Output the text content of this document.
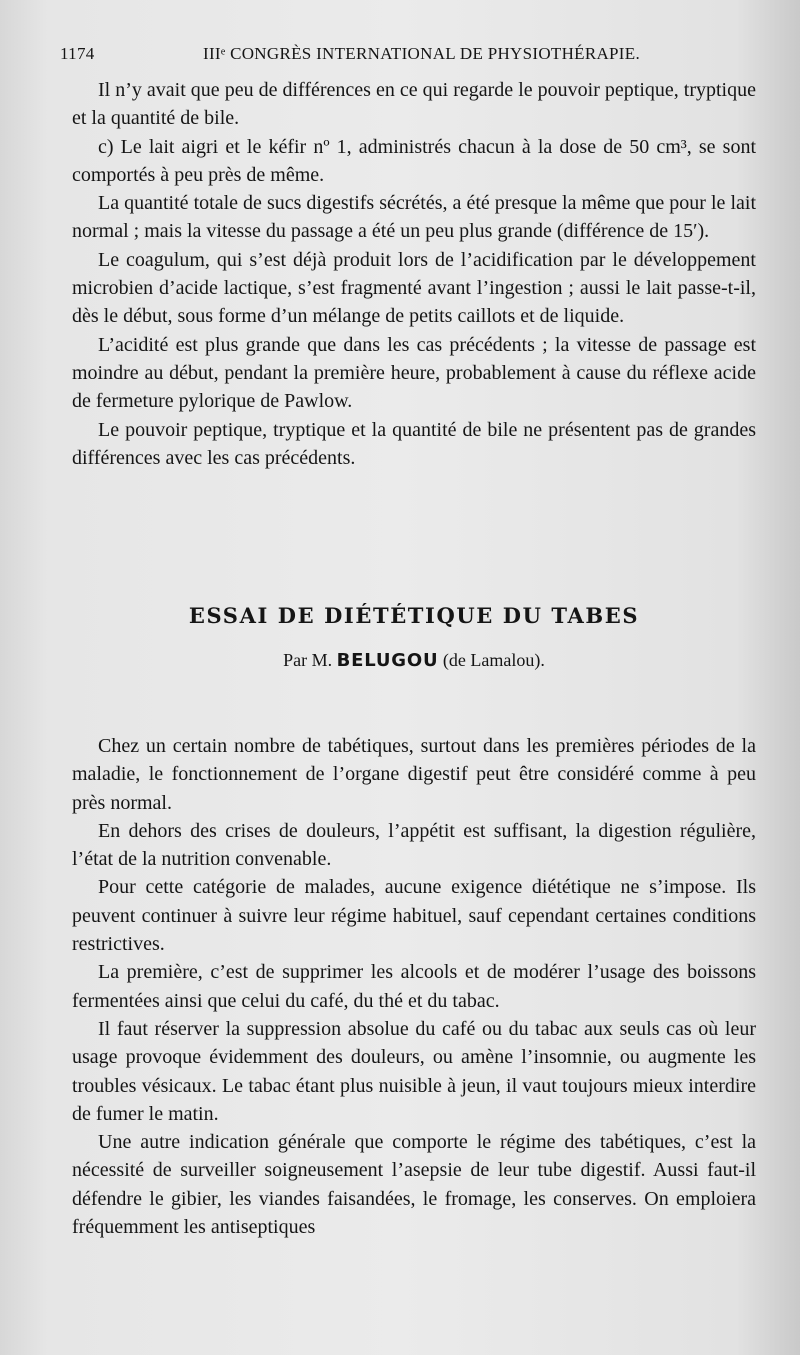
1174	IIIᵉ CONGRÈS INTERNATIONAL DE PHYSIOTHÉRAPIE.

Il n’y avait que peu de différences en ce qui regarde le pouvoir peptique, tryptique et la quantité de bile.

c) Le lait aigri et le kéfir nº 1, administrés chacun à la dose de 50 cm³, se sont comportés à peu près de même.

La quantité totale de sucs digestifs sécrétés, a été presque la même que pour le lait normal ; mais la vitesse du passage a été un peu plus grande (différence de 15′).

Le coagulum, qui s’est déjà produit lors de l’acidification par le développement microbien d’acide lactique, s’est fragmenté avant l’ingestion ; aussi le lait passe-t-il, dès le début, sous forme d’un mélange de petits caillots et de liquide.

L’acidité est plus grande que dans les cas précédents ; la vitesse de passage est moindre au début, pendant la première heure, probablement à cause du réflexe acide de fermeture pylorique de Pawlow.

Le pouvoir peptique, tryptique et la quantité de bile ne présentent pas de grandes différences avec les cas précédents.

ESSAI DE DIÉTÉTIQUE DU TABES
Par M. BELUGOU (de Lamalou).

Chez un certain nombre de tabétiques, surtout dans les premières périodes de la maladie, le fonctionnement de l’organe digestif peut être considéré comme à peu près normal.

En dehors des crises de douleurs, l’appétit est suffisant, la digestion régulière, l’état de la nutrition convenable.

Pour cette catégorie de malades, aucune exigence diététique ne s’impose. Ils peuvent continuer à suivre leur régime habituel, sauf cependant certaines conditions restrictives.

La première, c’est de supprimer les alcools et de modérer l’usage des boissons fermentées ainsi que celui du café, du thé et du tabac.

Il faut réserver la suppression absolue du café ou du tabac aux seuls cas où leur usage provoque évidemment des douleurs, ou amène l’insomnie, ou augmente les troubles vésicaux. Le tabac étant plus nuisible à jeun, il vaut toujours mieux interdire de fumer le matin.

Une autre indication générale que comporte le régime des tabétiques, c’est la nécessité de surveiller soigneusement l’asepsie de leur tube digestif. Aussi faut-il défendre le gibier, les viandes faisandées, le fromage, les conserves. On emploiera fréquemment les antiseptiques
